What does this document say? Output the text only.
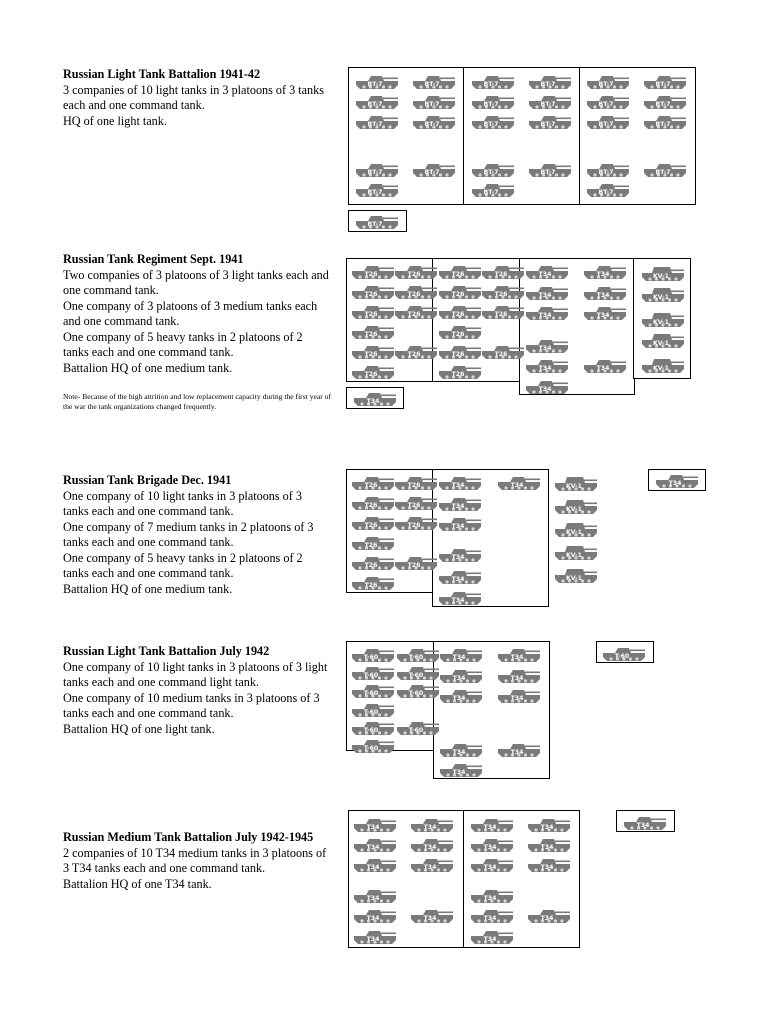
Russian Light Tank Battalion 1941-42

3 companies of 10 light tanks in 3 platoons of 3 tanks

each and one command tank.

HQ of one light tank.

Russian Tank Regiment Sept. 1941

Two companies of 3 platoons of 3 light tanks each and

one command tank.

One company of 3 platoons of 3 medium tanks each

and one command tank.

One company of 5 heavy tanks in 2 platoons of 2

tanks each and one command tank.

Battalion HQ of one medium tank.

Note- Because of the high attrition and low replacement capacity during the first year of the war the tank organizations changed frequently.

Russian Tank Brigade Dec. 1941

One company of 10 light tanks in 3 platoons of 3

tanks each and one command tank.

One company of 7 medium tanks in 2 platoons of 3

tanks each and one command tank.

One company of 5 heavy tanks in 2 platoons of 2

tanks each and one command tank.

Battalion HQ of one medium tank.

Russian Light Tank Battalion July 1942

One company of 10 light tanks in 3 platoons of 3 light

tanks each and one command light tank.

One company of 10 medium tanks in 3 platoons of 3

tanks each and one command tank.

Battalion HQ of one light tank.

Russian Medium Tank Battalion July 1942-1945

2 companies of 10 T34 medium tanks in 3 platoons of

3 T34 tanks each and one command tank.

Battalion HQ of one T34 tank.

BT-7	BT-7
BT-7	BT-7
BT-7	BT-7
BT-7	BT-7
BT-7
BT-7	BT-7
BT-7	BT-7
BT-7	BT-7
BT-7	BT-7
BT-7
BT-7	BT-7
BT-7	BT-7
BT-7	BT-7
BT-7	BT-7
BT-7
BT-7
T26	T26
T26	T26
T26	T26
T26
T26	T26
T26
T26	T26
T26	T26
T26	T26
T26
T26	T26
T26
T34	T34
T34	T34
T34	T34
T34
T34	T34
T34
KV-1
KV-1
KV-1
KV-1
KV-1
T34
T26	T26
T26	T26
T26	T26
T26
T26	T26
T26
T34	T34
T34
T34
T34
T34
T34
KV-1
KV-1
KV-1
KV-1
KV-1
T34
T-60	T-60
T-60	T-60
T-60	T-60
T-60
T-60	T-60
T-60
T34	T34
T34	T34
T34	T34
T34	T34
T34
T-60
T34	T34
T34	T34
T34	T34
T34
T34	T34
T34
T34	T34
T34	T34
T34	T34
T34
T34	T34
T34
T34
